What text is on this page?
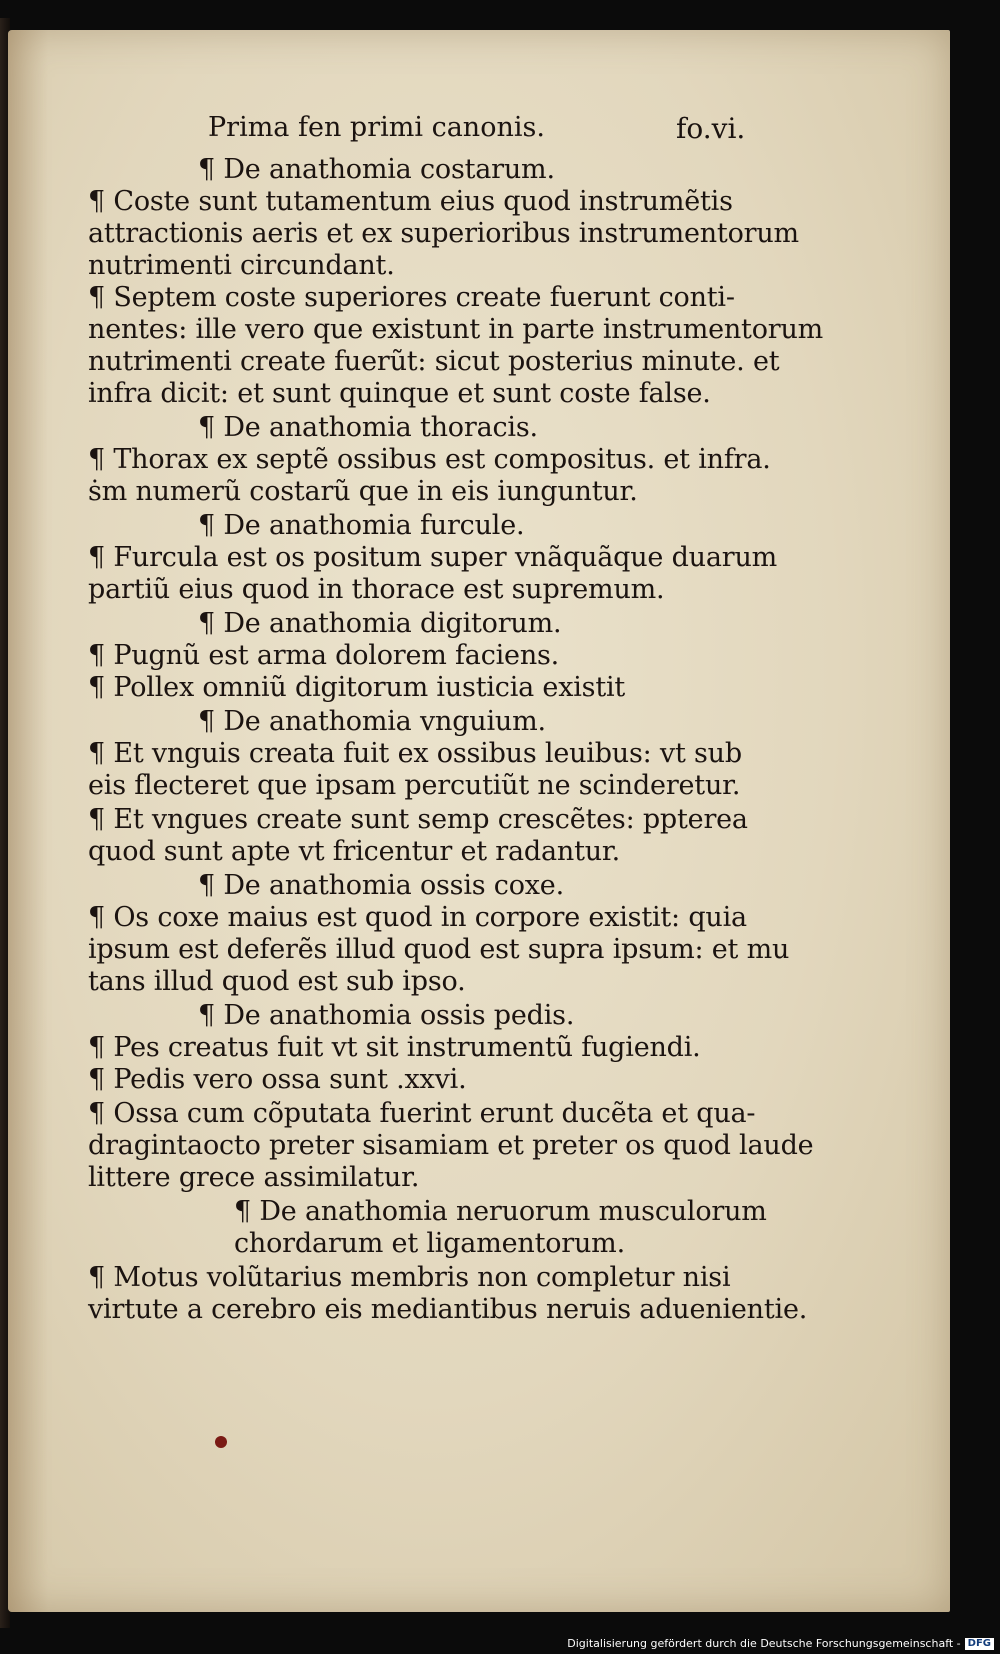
Prima fen primi canonis.	fo.vi.
¶ De anathomia costarum.
¶ Coste sunt tutamentum eius quod instrumẽtis
attractionis aeris et ex superioribus instrumentorum
nutrimenti circundant.
¶ Septem coste superiores create fuerunt conti-
nentes: ille vero que existunt in parte instrumentorum
nutrimenti create fuerũt: sicut posterius minute. et
infra dicit: et sunt quinque et sunt coste false.
¶ De anathomia thoracis.
¶ Thorax ex septẽ ossibus est compositus. et infra.
ṡm numerũ costarũ que in eis iunguntur.
¶ De anathomia furcule.
¶ Furcula est os positum super vnãquãque duarum
partiũ eius quod in thorace est supremum.
¶ De anathomia digitorum.
¶ Pugnũ est arma dolorem faciens.
¶ Pollex omniũ digitorum iusticia existit
¶ De anathomia vnguium.
¶ Et vnguis creata fuit ex ossibus leuibus: vt sub
eis flecteret que ipsam percutiũt ne scinderetur.
¶ Et vngues create sunt semp crescẽtes: ppterea
quod sunt apte vt fricentur et radantur.
¶ De anathomia ossis coxe.
¶ Os coxe maius est quod in corpore existit: quia
ipsum est deferẽs illud quod est supra ipsum: et mu
tans illud quod est sub ipso.
¶ De anathomia ossis pedis.
¶ Pes creatus fuit vt sit instrumentũ fugiendi.
¶ Pedis vero ossa sunt .xxvi.
¶ Ossa cum cõputata fuerint erunt ducẽta et qua-
dragintaocto preter sisamiam et preter os quod laude
littere grece assimilatur.
¶ De anathomia neruorum musculorum
chordarum et ligamentorum.
¶ Motus volũtarius membris non completur nisi
virtute a cerebro eis mediantibus neruis aduenientie.
Digitalisierung gefördert durch die Deutsche Forschungsgemeinschaft - DFG
